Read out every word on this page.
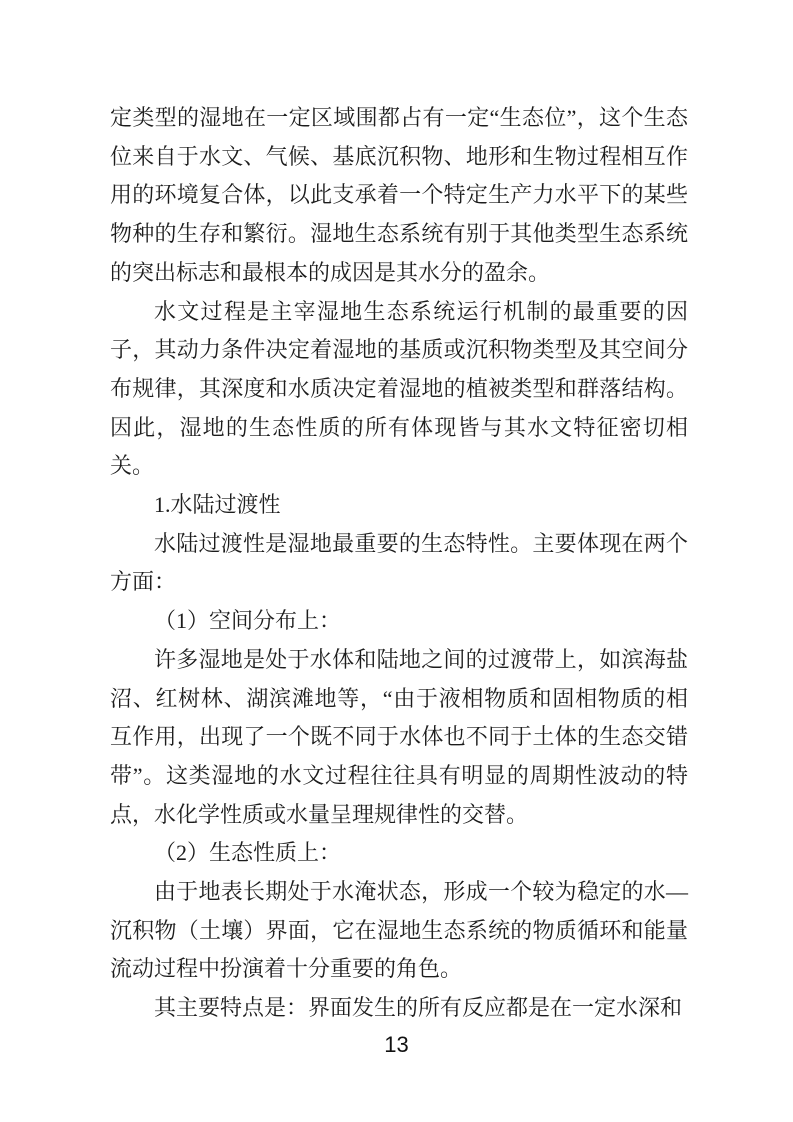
定类型的湿地在一定区域围都占有一定“生态位”，这个生态位来自于水文、气候、基底沉积物、地形和生物过程相互作用的环境复合体，以此支承着一个特定生产力水平下的某些物种的生存和繁衍。湿地生态系统有别于其他类型生态系统的突出标志和最根本的成因是其水分的盈余。

水文过程是主宰湿地生态系统运行机制的最重要的因子，其动力条件决定着湿地的基质或沉积物类型及其空间分布规律，其深度和水质决定着湿地的植被类型和群落结构。因此，湿地的生态性质的所有体现皆与其水文特征密切相关。

1.水陆过渡性

水陆过渡性是湿地最重要的生态特性。主要体现在两个方面：

（1）空间分布上：

许多湿地是处于水体和陆地之间的过渡带上，如滨海盐沼、红树林、湖滨滩地等，“由于液相物质和固相物质的相互作用，出现了一个既不同于水体也不同于土体的生态交错带”。这类湿地的水文过程往往具有明显的周期性波动的特点，水化学性质或水量呈理规律性的交替。

（2）生态性质上：

由于地表长期处于水淹状态，形成一个较为稳定的水—沉积物（土壤）界面，它在湿地生态系统的物质循环和能量流动过程中扮演着十分重要的角色。

其主要特点是：界面发生的所有反应都是在一定水深和

13
